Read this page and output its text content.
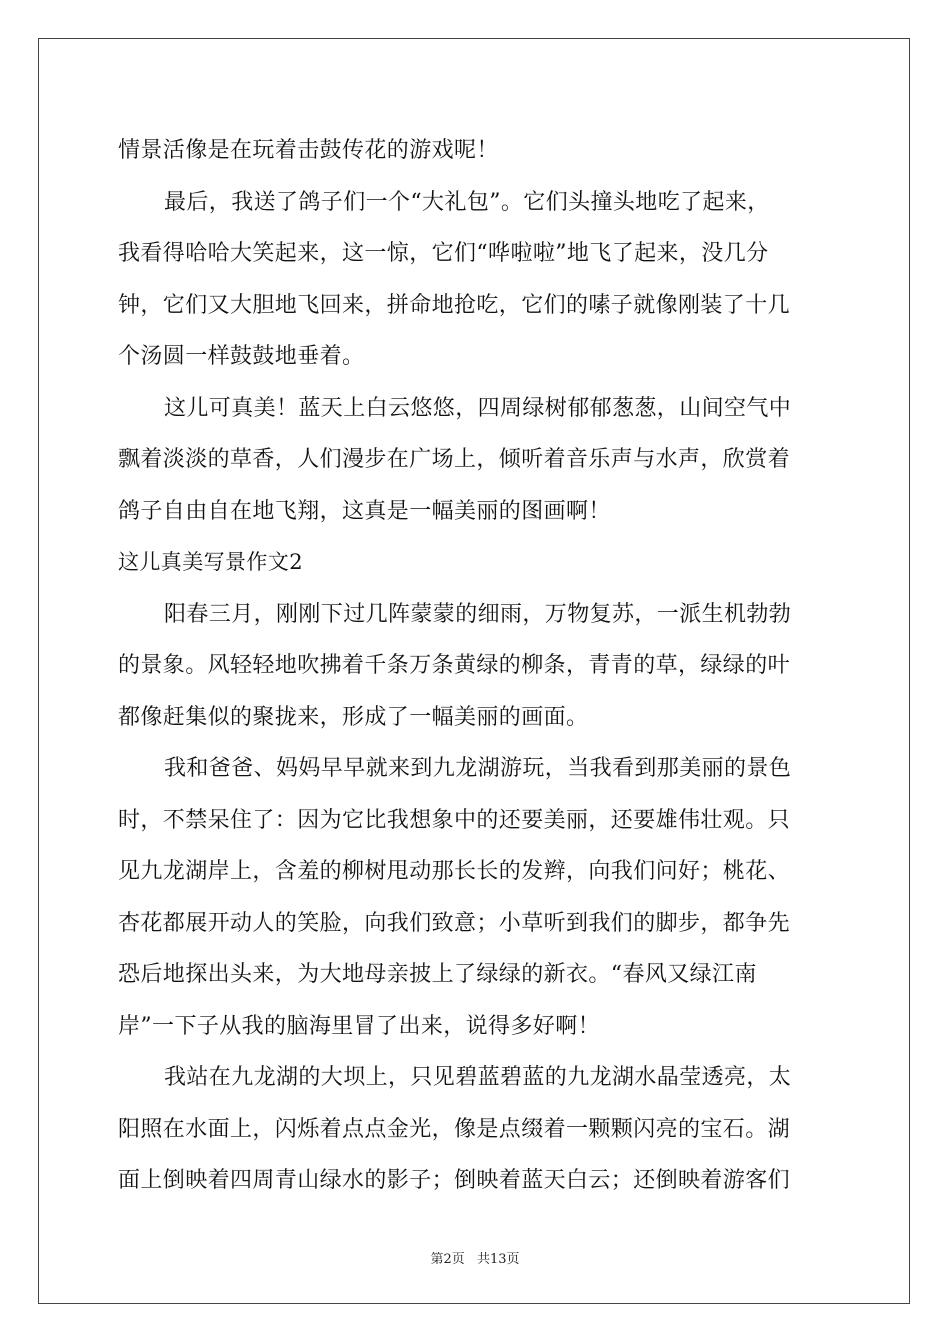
情景活像是在玩着击鼓传花的游戏呢！
最后，我送了鸽子们一个“大礼包”。它们头撞头地吃了起来，
我看得哈哈大笑起来，这一惊，它们“哗啦啦”地飞了起来，没几分
钟，它们又大胆地飞回来，拼命地抢吃，它们的嗉子就像刚装了十几
个汤圆一样鼓鼓地垂着。
这儿可真美！蓝天上白云悠悠，四周绿树郁郁葱葱，山间空气中
飘着淡淡的草香，人们漫步在广场上，倾听着音乐声与水声，欣赏着
鸽子自由自在地飞翔，这真是一幅美丽的图画啊！
这儿真美写景作文2
阳春三月，刚刚下过几阵蒙蒙的细雨，万物复苏，一派生机勃勃
的景象。风轻轻地吹拂着千条万条黄绿的柳条，青青的草，绿绿的叶
都像赶集似的聚拢来，形成了一幅美丽的画面。
我和爸爸、妈妈早早就来到九龙湖游玩，当我看到那美丽的景色
时，不禁呆住了：因为它比我想象中的还要美丽，还要雄伟壮观。只
见九龙湖岸上，含羞的柳树甩动那长长的发辫，向我们问好；桃花、
杏花都展开动人的笑脸，向我们致意；小草听到我们的脚步，都争先
恐后地探出头来，为大地母亲披上了绿绿的新衣。“春风又绿江南
岸”一下子从我的脑海里冒了出来，说得多好啊！
我站在九龙湖的大坝上，只见碧蓝碧蓝的九龙湖水晶莹透亮，太
阳照在水面上，闪烁着点点金光，像是点缀着一颗颗闪亮的宝石。湖
面上倒映着四周青山绿水的影子；倒映着蓝天白云；还倒映着游客们
第2页 共13页
